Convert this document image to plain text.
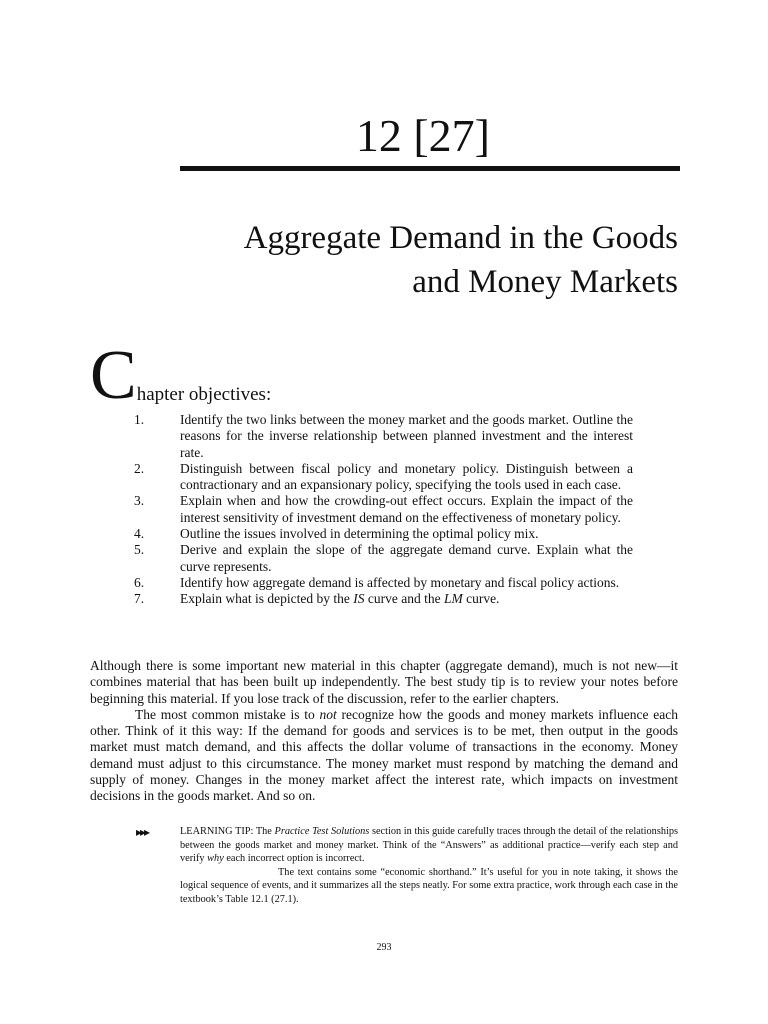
12 [27]
Aggregate Demand in the Goods
and Money Markets
Chapter objectives:
1.	Identify the two links between the money market and the goods market. Outline the reasons for the inverse relationship between planned investment and the interest rate.
2.	Distinguish between fiscal policy and monetary policy. Distinguish between a contractionary and an expansionary policy, specifying the tools used in each case.
3.	Explain when and how the crowding-out effect occurs. Explain the impact of the interest sensitivity of investment demand on the effectiveness of monetary policy.
4.	Outline the issues involved in determining the optimal policy mix.
5.	Derive and explain the slope of the aggregate demand curve. Explain what the curve represents.
6.	Identify how aggregate demand is affected by monetary and fiscal policy actions.
7.	Explain what is depicted by the IS curve and the LM curve.

Although there is some important new material in this chapter (aggregate demand), much is not new—it combines material that has been built up independently. The best study tip is to review your notes before beginning this material. If you lose track of the discussion, refer to the earlier chapters.

The most common mistake is to not recognize how the goods and money markets influence each other. Think of it this way: If the demand for goods and services is to be met, then output in the goods market must match demand, and this affects the dollar volume of transactions in the economy. Money demand must adjust to this circumstance. The money market must respond by matching the demand and supply of money. Changes in the money market affect the interest rate, which impacts on investment decisions in the goods market. And so on.

▸▸▸	LEARNING TIP: The Practice Test Solutions section in this guide carefully traces through the detail of the relationships between the goods market and money market. Think of the “Answers” as additional practice—verify each step and verify why each incorrect option is incorrect.

The text contains some “economic shorthand.” It’s useful for you in note taking, it shows the logical sequence of events, and it summarizes all the steps neatly. For some extra practice, work through each case in the textbook’s Table 12.1 (27.1).

293
